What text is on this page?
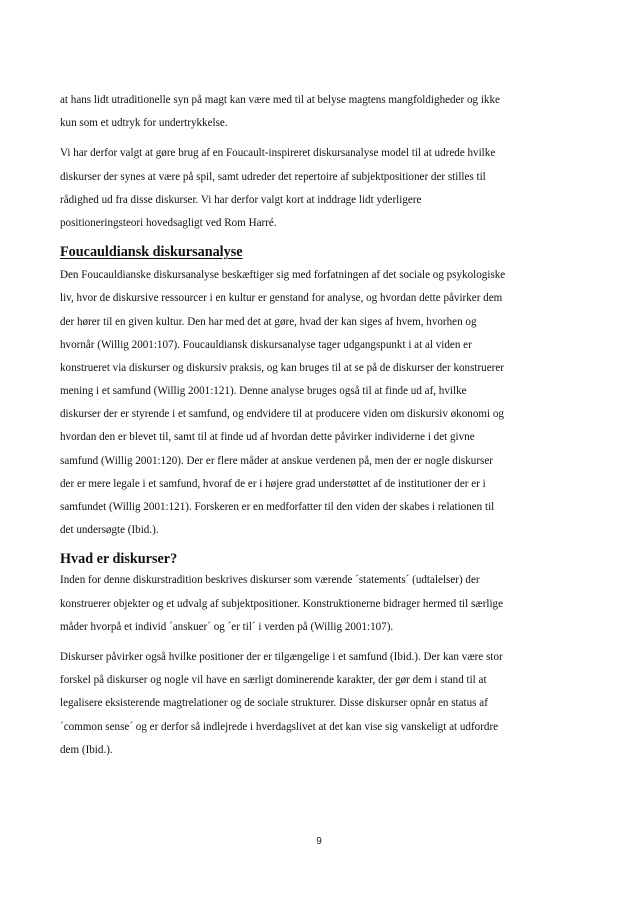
at hans lidt utraditionelle syn på magt kan være med til at belyse magtens mangfoldigheder og ikke
kun som et udtryk for undertrykkelse.

Vi har derfor valgt at gøre brug af en Foucault-inspireret diskursanalyse model til at udrede hvilke
diskurser der synes at være på spil, samt udreder det repertoire af subjektpositioner der stilles til
rådighed ud fra disse diskurser. Vi har derfor valgt kort at inddrage lidt yderligere
positioneringsteori hovedsagligt ved Rom Harré.

Foucauldiansk diskursanalyse

Den Foucauldianske diskursanalyse beskæftiger sig med forfatningen af det sociale og psykologiske
liv, hvor de diskursive ressourcer i en kultur er genstand for analyse, og hvordan dette påvirker dem
der hører til en given kultur. Den har med det at gøre, hvad der kan siges af hvem, hvorhen og
hvornår (Willig 2001:107). Foucauldiansk diskursanalyse tager udgangspunkt i at al viden er
konstrueret via diskurser og diskursiv praksis, og kan bruges til at se på de diskurser der konstruerer
mening i et samfund (Willig 2001:121). Denne analyse bruges også til at finde ud af, hvilke
diskurser der er styrende i et samfund, og endvidere til at producere viden om diskursiv økonomi og
hvordan den er blevet til, samt til at finde ud af hvordan dette påvirker individerne i det givne
samfund (Willig 2001:120). Der er flere måder at anskue verdenen på, men der er nogle diskurser
der er mere legale i et samfund, hvoraf de er i højere grad understøttet af de institutioner der er i
samfundet (Willig 2001:121). Forskeren er en medforfatter til den viden der skabes i relationen til
det undersøgte (Ibid.).

Hvad er diskurser?

Inden for denne diskurstradition beskrives diskurser som værende ´statements´ (udtalelser) der
konstruerer objekter og et udvalg af subjektpositioner. Konstruktionerne bidrager hermed til særlige
måder hvorpå et individ ´anskuer´ og ´er til´ i verden på (Willig 2001:107).

Diskurser påvirker også hvilke positioner der er tilgængelige i et samfund (Ibid.). Der kan være stor
forskel på diskurser og nogle vil have en særligt dominerende karakter, der gør dem i stand til at
legalisere eksisterende magtrelationer og de sociale strukturer. Disse diskurser opnår en status af
´common sense´ og er derfor så indlejrede i hverdagslivet at det kan vise sig vanskeligt at udfordre
dem (Ibid.).

9
